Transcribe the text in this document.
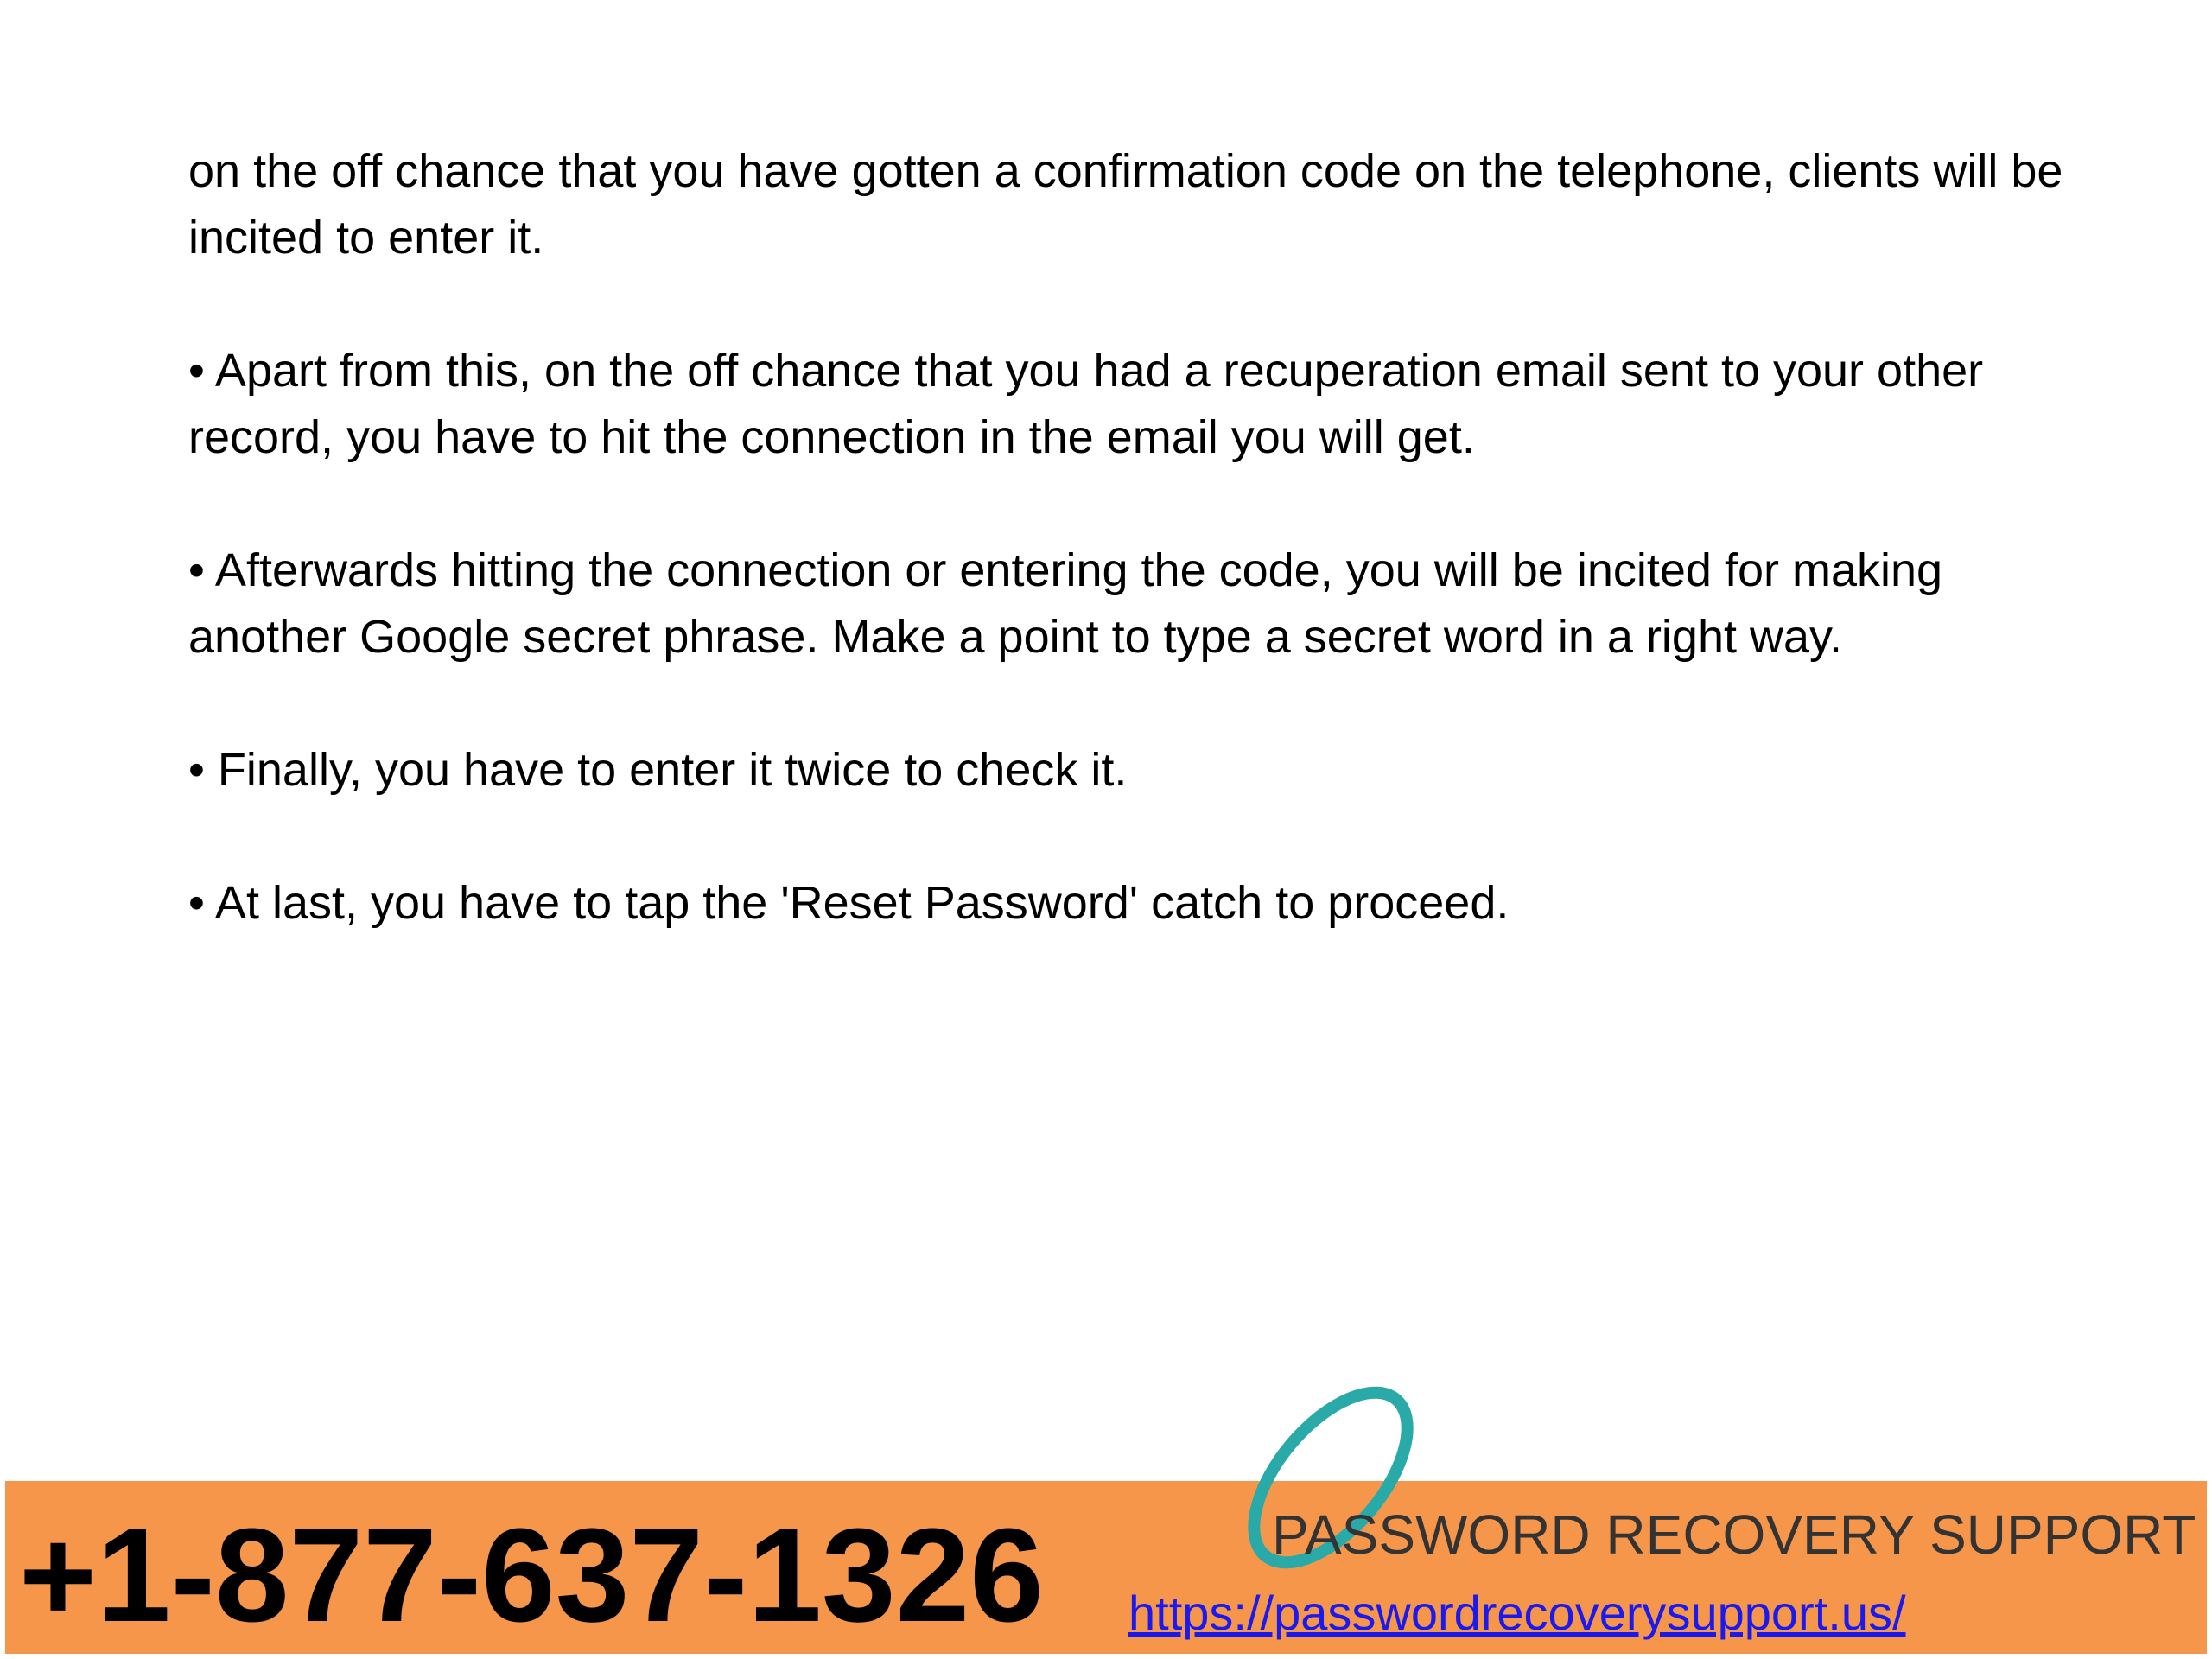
on the off chance that you have gotten a confirmation code on the telephone, clients will be incited to enter it.

• Apart from this, on the off chance that you had a recuperation email sent to your other record, you have to hit the connection in the email you will get.

• Afterwards hitting the connection or entering the code, you will be incited for making another Google secret phrase. Make a point to type a secret word in a right way.

• Finally, you have to enter it twice to check it.

• At last, you have to tap the 'Reset Password' catch to proceed.

+1-877-637-1326	PASSWORD RECOVERY SUPPORT
https://passwordrecoverysupport.us/
